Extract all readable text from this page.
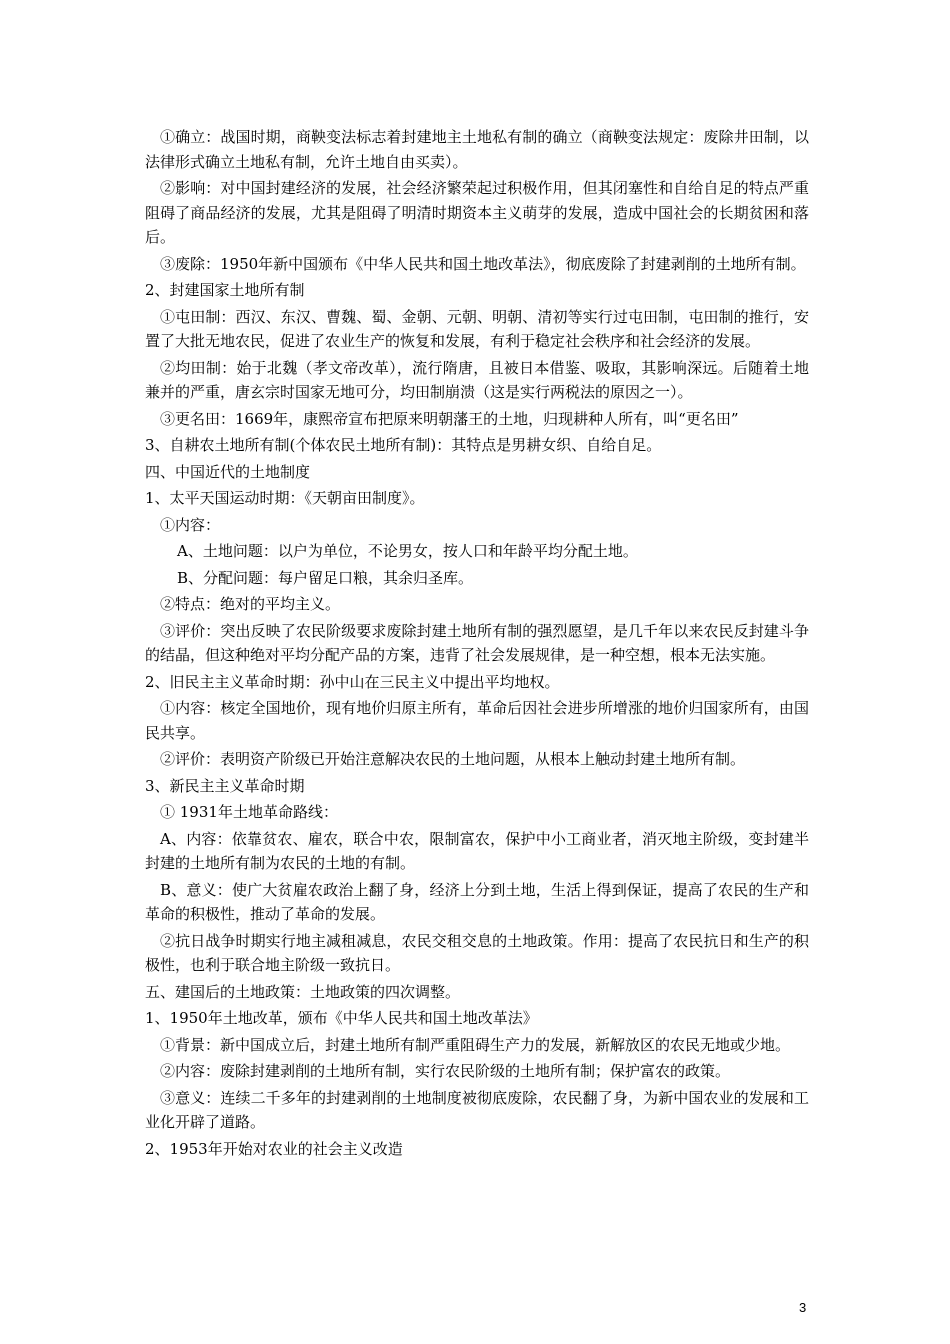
①确立：战国时期，商鞅变法标志着封建地主土地私有制的确立（商鞅变法规定：废除井田制，以法律形式确立土地私有制，允许土地自由买卖）。

②影响：对中国封建经济的发展，社会经济繁荣起过积极作用，但其闭塞性和自给自足的特点严重阻碍了商品经济的发展，尤其是阻碍了明清时期资本主义萌芽的发展，造成中国社会的长期贫困和落后。

③废除：1950年新中国颁布《中华人民共和国土地改革法》，彻底废除了封建剥削的土地所有制。

2、封建国家土地所有制

①屯田制：西汉、东汉、曹魏、蜀、金朝、元朝、明朝、清初等实行过屯田制，屯田制的推行，安置了大批无地农民，促进了农业生产的恢复和发展，有利于稳定社会秩序和社会经济的发展。

②均田制：始于北魏（孝文帝改革），流行隋唐，且被日本借鉴、吸取，其影响深远。后随着土地兼并的严重，唐玄宗时国家无地可分，均田制崩溃（这是实行两税法的原因之一）。

③更名田：1669年，康熙帝宣布把原来明朝藩王的土地，归现耕种人所有，叫“更名田”

3、自耕农土地所有制(个体农民土地所有制)：其特点是男耕女织、自给自足。

四、中国近代的土地制度

1、太平天国运动时期：《天朝亩田制度》。

①内容：

A、土地问题：以户为单位，不论男女，按人口和年龄平均分配土地。

B、分配问题：每户留足口粮，其余归圣库。

②特点：绝对的平均主义。

③评价：突出反映了农民阶级要求废除封建土地所有制的强烈愿望，是几千年以来农民反封建斗争的结晶，但这种绝对平均分配产品的方案，违背了社会发展规律，是一种空想，根本无法实施。

2、旧民主主义革命时期：孙中山在三民主义中提出平均地权。

①内容：核定全国地价，现有地价归原主所有，革命后因社会进步所增涨的地价归国家所有，由国民共享。

②评价：表明资产阶级已开始注意解决农民的土地问题，从根本上触动封建土地所有制。

3、新民主主义革命时期

① 1931年土地革命路线：

A、内容：依靠贫农、雇农，联合中农，限制富农，保护中小工商业者，消灭地主阶级，变封建半封建的土地所有制为农民的土地的有制。

B、意义：使广大贫雇农政治上翻了身，经济上分到土地，生活上得到保证，提高了农民的生产和革命的积极性，推动了革命的发展。

②抗日战争时期实行地主减租减息，农民交租交息的土地政策。作用：提高了农民抗日和生产的积极性，也利于联合地主阶级一致抗日。

五、建国后的土地政策：土地政策的四次调整。

1、1950年土地改革，颁布《中华人民共和国土地改革法》

①背景：新中国成立后，封建土地所有制严重阻碍生产力的发展，新解放区的农民无地或少地。

②内容：废除封建剥削的土地所有制，实行农民阶级的土地所有制；保护富农的政策。

③意义：连续二千多年的封建剥削的土地制度被彻底废除，农民翻了身，为新中国农业的发展和工业化开辟了道路。

2、1953年开始对农业的社会主义改造

3
